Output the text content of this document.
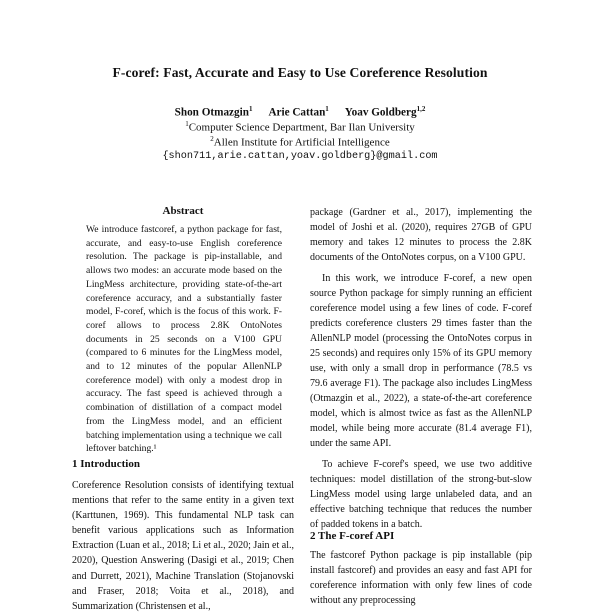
F-coref: Fast, Accurate and Easy to Use Coreference Resolution
Shon Otmazgin$^1$ Arie Cattan$^1$ Yoav Goldberg$^{1,2}$
$^1$Computer Science Department, Bar Ilan University
$^2$Allen Institute for Artificial Intelligence
{shon711,arie.cattan,yoav.goldberg}@gmail.com
Abstract
We introduce fastcoref, a python package for fast, accurate, and easy-to-use English coreference resolution. The package is pip-installable, and allows two modes: an accurate mode based on the LingMess architecture, providing state-of-the-art coreference accuracy, and a substantially faster model, F-coref, which is the focus of this work. F-coref allows to process 2.8K OntoNotes documents in 25 seconds on a V100 GPU (compared to 6 minutes for the LingMess model, and to 12 minutes of the popular AllenNLP coreference model) with only a modest drop in accuracy. The fast speed is achieved through a combination of distillation of a compact model from the LingMess model, and an efficient batching implementation using a technique we call leftover batching.¹
1 Introduction
Coreference Resolution consists of identifying textual mentions that refer to the same entity in a given text (Karttunen, 1969). This fundamental NLP task can benefit various applications such as Information Extraction (Luan et al., 2018; Li et al., 2020; Jain et al., 2020), Question Answering (Dasigi et al., 2019; Chen and Durrett, 2021), Machine Translation (Stojanovski and Fraser, 2018; Voita et al., 2018), and Summarization (Christensen et al.,

package (Gardner et al., 2017), implementing the model of Joshi et al. (2020), requires 27GB of GPU memory and takes 12 minutes to process the 2.8K documents of the OntoNotes corpus, on a V100 GPU.

In this work, we introduce F-coref, a new open source Python package for simply running an efficient coreference model using a few lines of code. F-coref predicts coreference clusters 29 times faster than the AllenNLP model (processing the OntoNotes corpus in 25 seconds) and requires only 15% of its GPU memory use, with only a small drop in performance (78.5 vs 79.6 average F1). The package also includes LingMess (Otmazgin et al., 2022), a state-of-the-art coreference model, which is almost twice as fast as the AllenNLP model, while being more accurate (81.4 average F1), under the same API.

To achieve F-coref's speed, we use two additive techniques: model distillation of the strong-but-slow LingMess model using large unlabeled data, and an effective batching technique that reduces the number of padded tokens in a batch.

2 The F-coref API
The fastcoref Python package is pip installable (pip install fastcoref) and provides an easy and fast API for coreference information with only few lines of code without any preprocessing
